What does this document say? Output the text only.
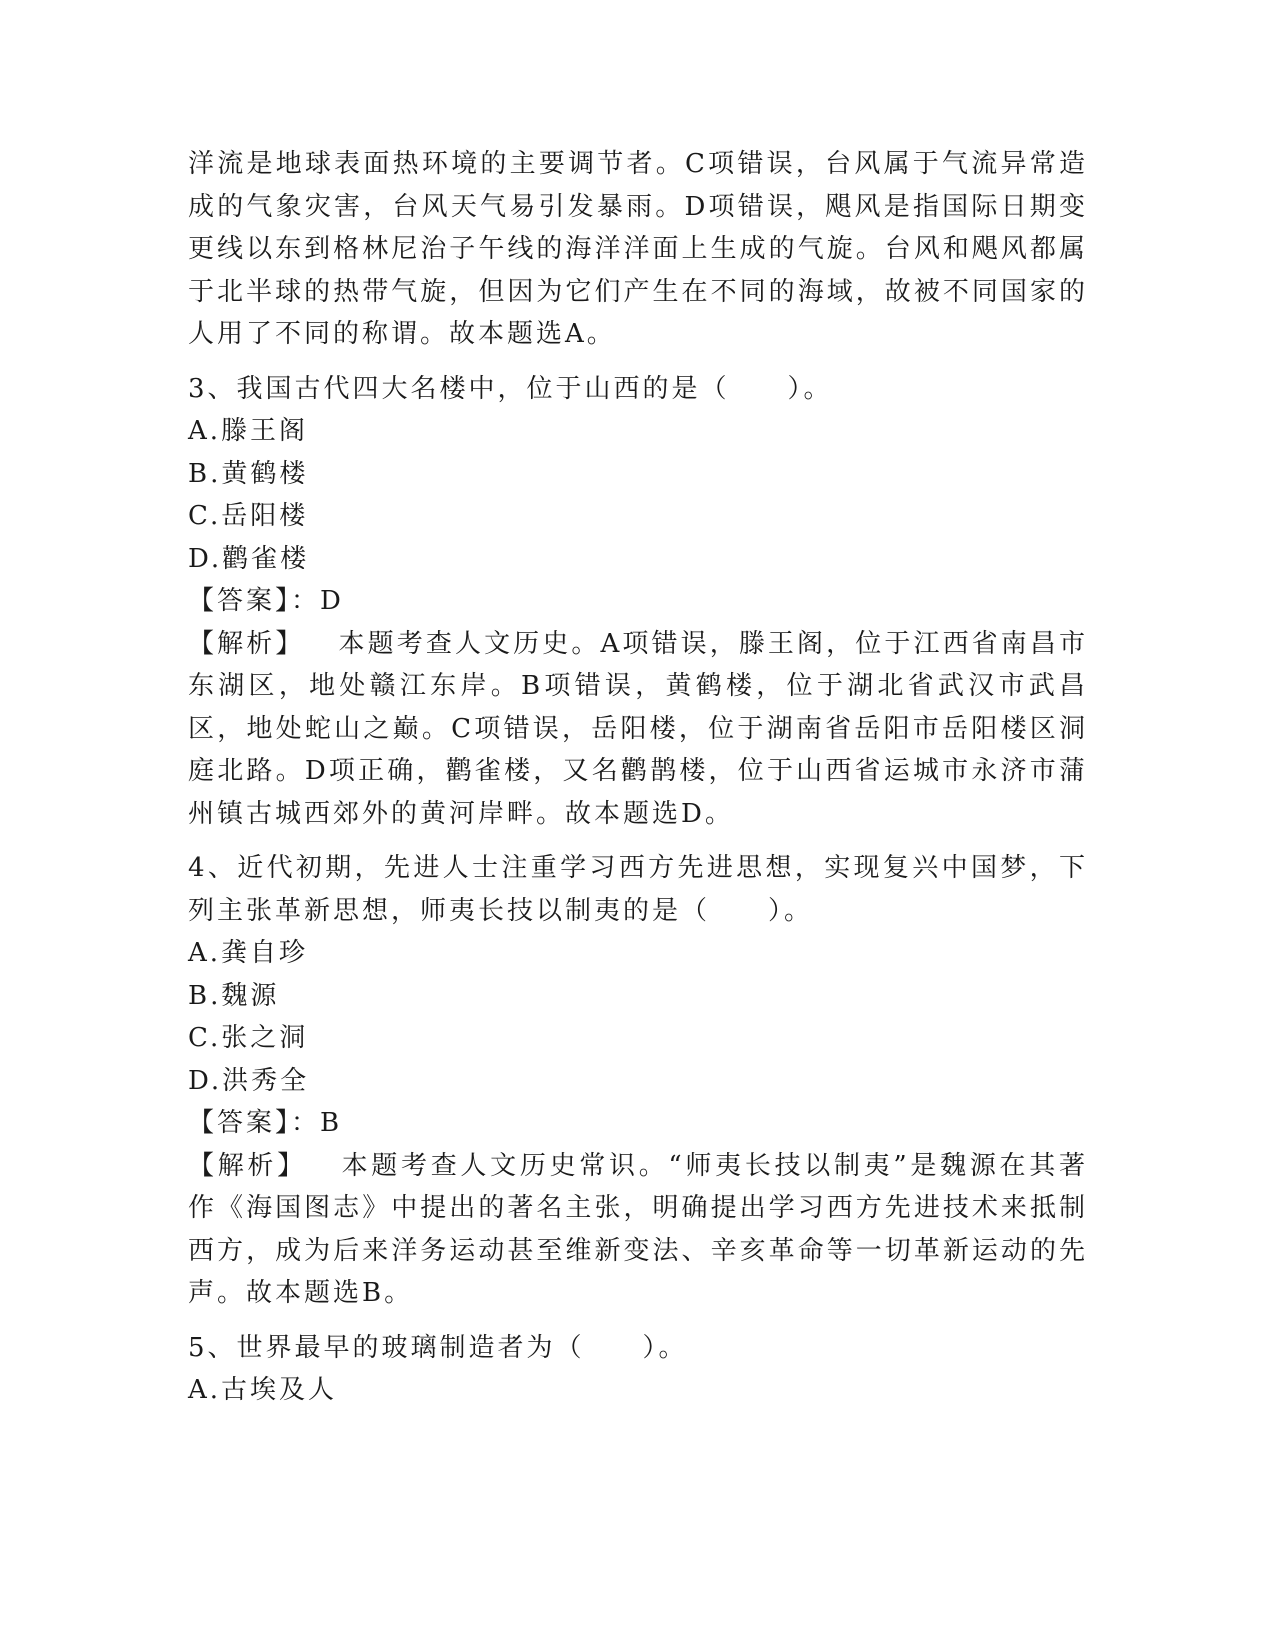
洋流是地球表面热环境的主要调节者。C项错误，台风属于气流异常造成的气象灾害，台风天气易引发暴雨。D项错误，飓风是指国际日期变更线以东到格林尼治子午线的海洋洋面上生成的气旋。台风和飓风都属于北半球的热带气旋，但因为它们产生在不同的海域，故被不同国家的人用了不同的称谓。故本题选A。

3、我国古代四大名楼中，位于山西的是（　　）。

A.滕王阁

B.黄鹤楼

C.岳阳楼

D.鹳雀楼

【答案】：D

【解析】 本题考查人文历史。A项错误，滕王阁，位于江西省南昌市东湖区，地处赣江东岸。B项错误，黄鹤楼，位于湖北省武汉市武昌区，地处蛇山之巅。C项错误，岳阳楼，位于湖南省岳阳市岳阳楼区洞庭北路。D项正确，鹳雀楼，又名鹳鹊楼，位于山西省运城市永济市蒲州镇古城西郊外的黄河岸畔。故本题选D。

4、近代初期，先进人士注重学习西方先进思想，实现复兴中国梦，下列主张革新思想，师夷长技以制夷的是（　　）。

A.龚自珍

B.魏源

C.张之洞

D.洪秀全

【答案】：B

【解析】 本题考查人文历史常识。“师夷长技以制夷”是魏源在其著作《海国图志》中提出的著名主张，明确提出学习西方先进技术来抵制西方，成为后来洋务运动甚至维新变法、辛亥革命等一切革新运动的先声。故本题选B。

5、世界最早的玻璃制造者为（　　）。

A.古埃及人
